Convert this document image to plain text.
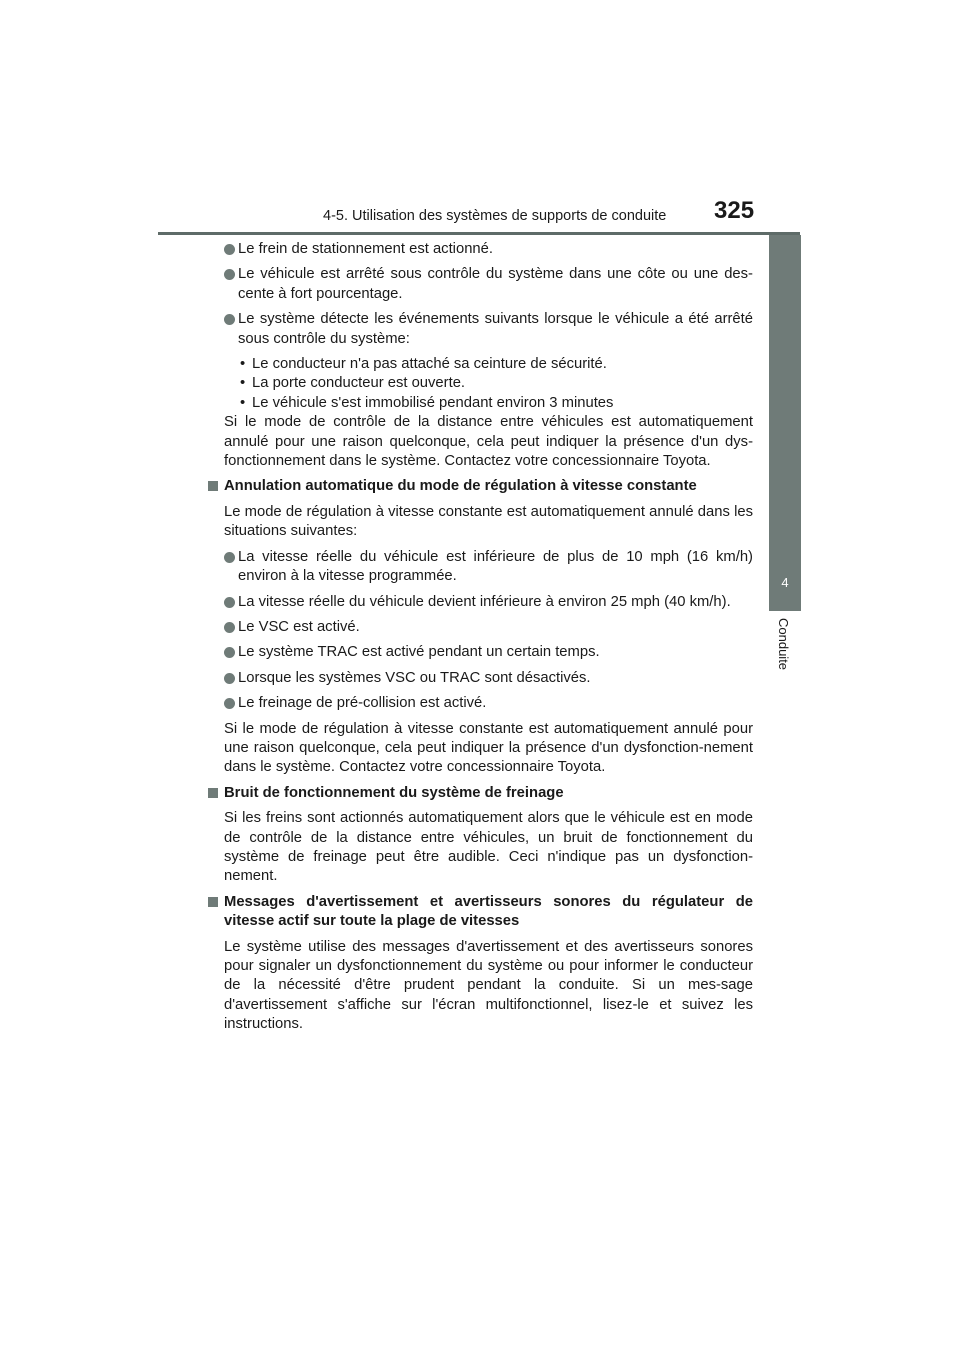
4-5. Utilisation des systèmes de supports de conduite 325
4
Conduite
Le frein de stationnement est actionné.
Le véhicule est arrêté sous contrôle du système dans une côte ou une des-cente à fort pourcentage.
Le système détecte les événements suivants lorsque le véhicule a été arrêté sous contrôle du système:
• Le conducteur n'a pas attaché sa ceinture de sécurité.
• La porte conducteur est ouverte.
• Le véhicule s'est immobilisé pendant environ 3 minutes
Si le mode de contrôle de la distance entre véhicules est automatiquement annulé pour une raison quelconque, cela peut indiquer la présence d'un dys-fonctionnement dans le système. Contactez votre concessionnaire Toyota.
Annulation automatique du mode de régulation à vitesse constante
Le mode de régulation à vitesse constante est automatiquement annulé dans les situations suivantes:
La vitesse réelle du véhicule est inférieure de plus de 10 mph (16 km/h) environ à la vitesse programmée.
La vitesse réelle du véhicule devient inférieure à environ 25 mph (40 km/h).
Le VSC est activé.
Le système TRAC est activé pendant un certain temps.
Lorsque les systèmes VSC ou TRAC sont désactivés.
Le freinage de pré-collision est activé.
Si le mode de régulation à vitesse constante est automatiquement annulé pour une raison quelconque, cela peut indiquer la présence d'un dysfonction-nement dans le système. Contactez votre concessionnaire Toyota.
Bruit de fonctionnement du système de freinage
Si les freins sont actionnés automatiquement alors que le véhicule est en mode de contrôle de la distance entre véhicules, un bruit de fonctionnement du système de freinage peut être audible. Ceci n'indique pas un dysfonction-nement.
Messages d'avertissement et avertisseurs sonores du régulateur de vitesse actif sur toute la plage de vitesses
Le système utilise des messages d'avertissement et des avertisseurs sonores pour signaler un dysfonctionnement du système ou pour informer le conducteur de la nécessité d'être prudent pendant la conduite. Si un mes-sage d'avertissement s'affiche sur l'écran multifonctionnel, lisez-le et suivez les instructions.
